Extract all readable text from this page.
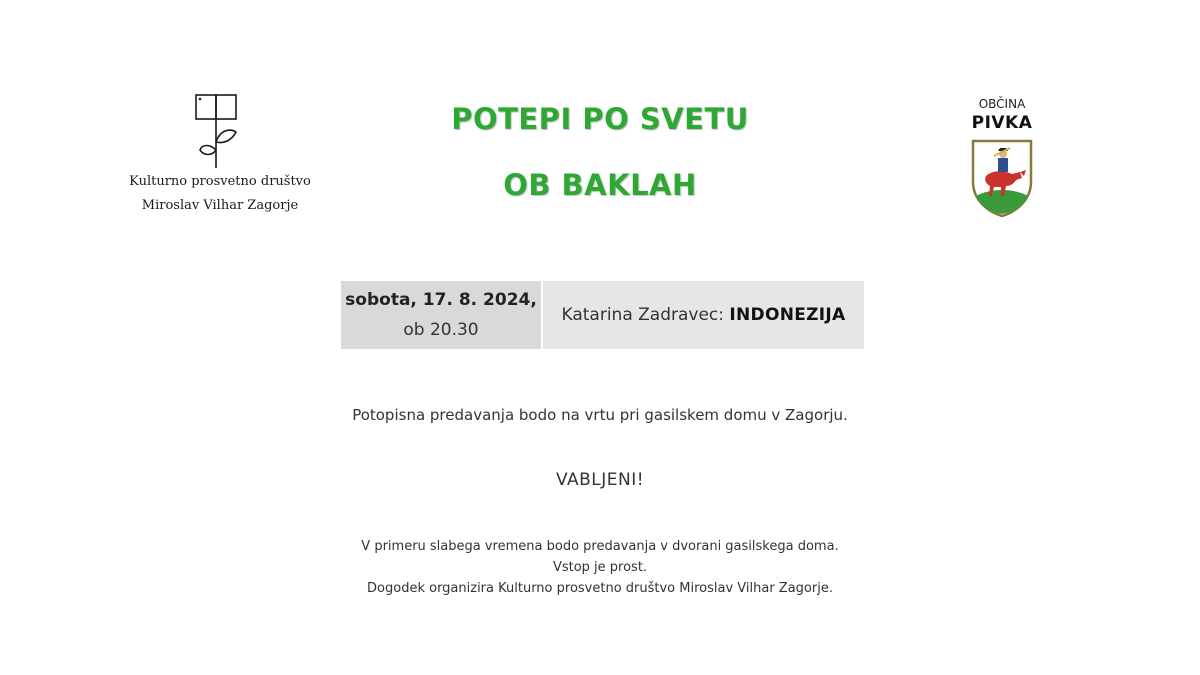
Kulturno prosvetno društvo
Miroslav Vilhar Zagorje
POTEPI PO SVETU
OB BAKLAH
OBČINA
PIVKA
sobota, 17. 8. 2024,
ob 20.30
Katarina Zadravec: INDONEZIJA
Potopisna predavanja bodo na vrtu pri gasilskem domu v Zagorju.
VABLJENI!
V primeru slabega vremena bodo predavanja v dvorani gasilskega doma.
Vstop je prost.
Dogodek organizira Kulturno prosvetno društvo Miroslav Vilhar Zagorje.
